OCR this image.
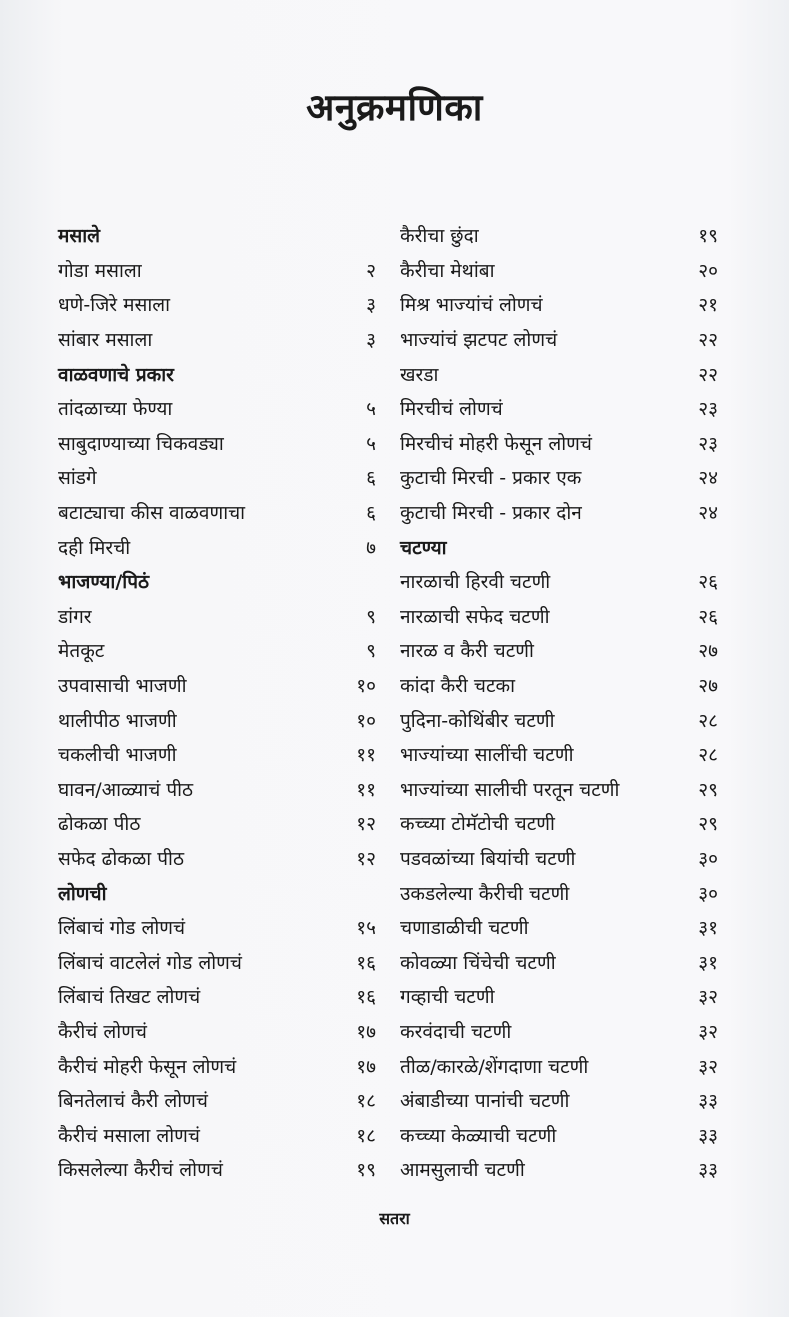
अनुक्रमणिका
मसाले
गोडा मसाला	२
धणे-जिरे मसाला	३
सांबार मसाला	३
वाळवणाचे प्रकार
तांदळाच्या फेण्या	५
साबुदाण्याच्या चिकवड्या	५
सांडगे	६
बटाट्याचा कीस वाळवणाचा	६
दही मिरची	७
भाजण्या/पिठं
डांगर	९
मेतकूट	९
उपवासाची भाजणी	१०
थालीपीठ भाजणी	१०
चकलीची भाजणी	११
घावन/आळ्याचं पीठ	११
ढोकळा पीठ	१२
सफेद ढोकळा पीठ	१२
लोणची
लिंबाचं गोड लोणचं	१५
लिंबाचं वाटलेलं गोड लोणचं	१६
लिंबाचं तिखट लोणचं	१६
कैरीचं लोणचं	१७
कैरीचं मोहरी फेसून लोणचं	१७
बिनतेलाचं कैरी लोणचं	१८
कैरीचं मसाला लोणचं	१८
किसलेल्या कैरीचं लोणचं	१९
कैरीचा छुंदा	१९
कैरीचा मेथांबा	२०
मिश्र भाज्यांचं लोणचं	२१
भाज्यांचं झटपट लोणचं	२२
खरडा	२२
मिरचीचं लोणचं	२३
मिरचीचं मोहरी फेसून लोणचं	२३
कुटाची मिरची - प्रकार एक	२४
कुटाची मिरची - प्रकार दोन	२४
चटण्या
नारळाची हिरवी चटणी	२६
नारळाची सफेद चटणी	२६
नारळ व कैरी चटणी	२७
कांदा कैरी चटका	२७
पुदिना-कोथिंबीर चटणी	२८
भाज्यांच्या सालींची चटणी	२८
भाज्यांच्या सालीची परतून चटणी	२९
कच्च्या टोमॅटोची चटणी	२९
पडवळांच्या बियांची चटणी	३०
उकडलेल्या कैरीची चटणी	३०
चणाडाळीची चटणी	३१
कोवळ्या चिंचेची चटणी	३१
गव्हाची चटणी	३२
करवंदाची चटणी	३२
तीळ/कारळे/शेंगदाणा चटणी	३२
अंबाडीच्या पानांची चटणी	३३
कच्च्या केळ्याची चटणी	३३
आमसुलाची चटणी	३३
सतरा
